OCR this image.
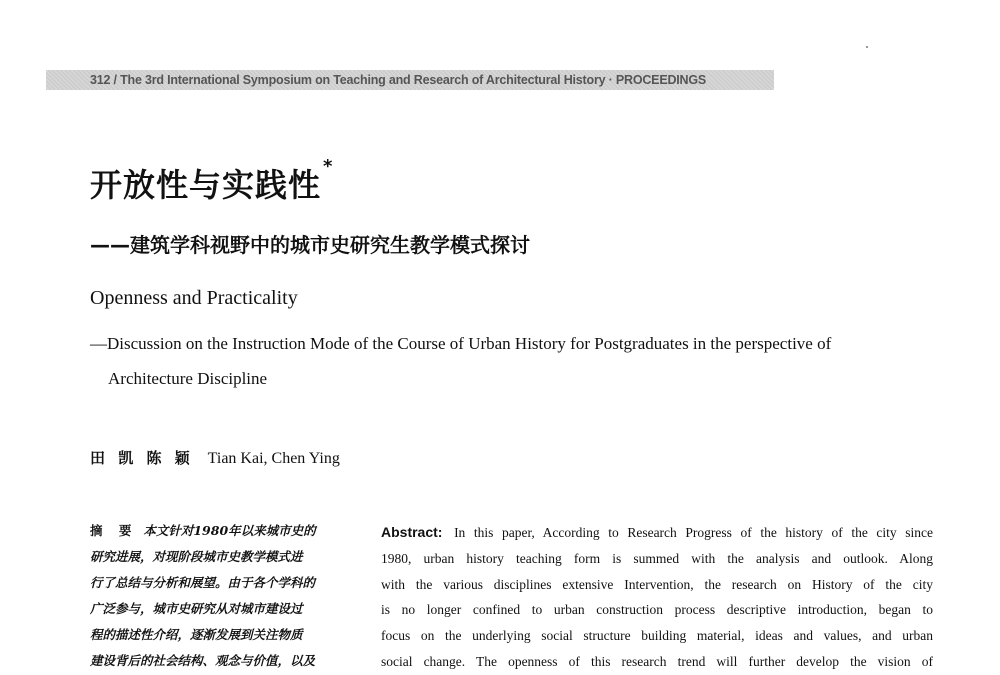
312 / The 3rd International Symposium on Teaching and Research of Architectural History · PROCEEDINGS
开放性与实践性 *
——建筑学科视野中的城市史研究生教学模式探讨
Openness and Practicality
—Discussion on the Instruction Mode of the Course of Urban History for Postgraduates in the perspective of
Architecture Discipline
田 凯 陈 颖 Tian Kai, Chen Ying
摘 要 本文针对1980年以来城市史的
研究进展，对现阶段城市史教学模式进
行了总结与分析和展望。由于各个学科的
广泛参与，城市史研究从对城市建设过
程的描述性介绍，逐渐发展到关注物质
建设背后的社会结构、观念与价值，以及
Abstract: In this paper, According to Research Progress of the history of the city since
1980, urban history teaching form is summed with the analysis and outlook. Along
with the various disciplines extensive Intervention, the research on History of the city
is no longer confined to urban construction process descriptive introduction, began to
focus on the underlying social structure building material, ideas and values, and urban
social change. The openness of this research trend will further develop the vision of
